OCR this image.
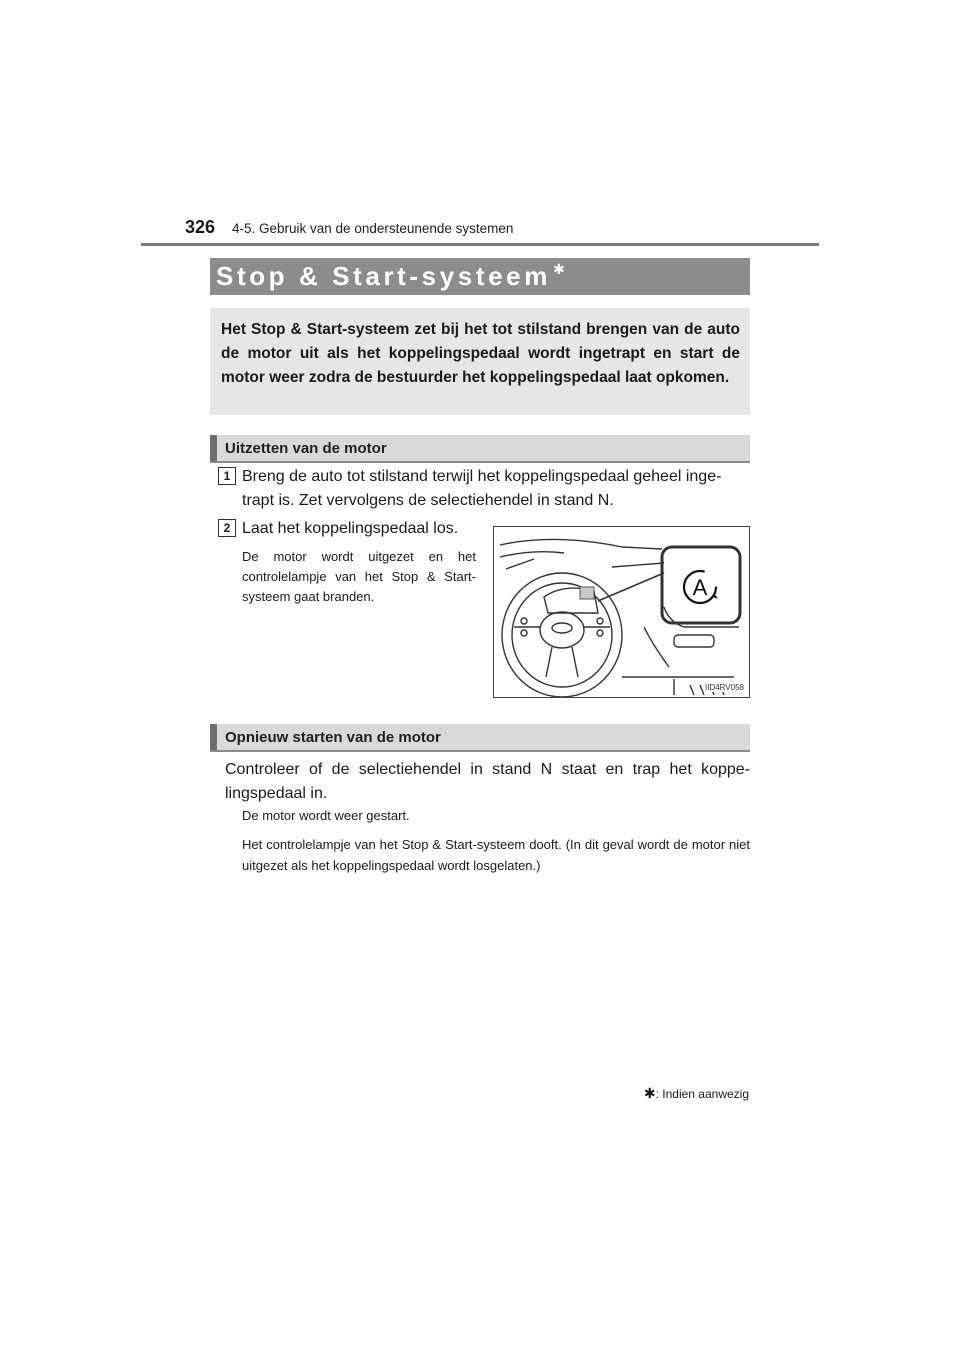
326 4-5. Gebruik van de ondersteunende systemen
Stop & Start-systeem ✱
Het Stop & Start-systeem zet bij het tot stilstand brengen van de auto de motor uit als het koppelingspedaal wordt ingetrapt en start de motor weer zodra de bestuurder het koppelingspedaal laat opkomen.
Uitzetten van de motor
1 Breng de auto tot stilstand terwijl het koppelingspedaal geheel inge-trapt is. Zet vervolgens de selectiehendel in stand N.
2 Laat het koppelingspedaal los.
De motor wordt uitgezet en het controlelampje van het Stop & Start-systeem gaat branden.	A
IID4RV058
Opnieuw starten van de motor
Controleer of de selectiehendel in stand N staat en trap het koppe-lingspedaal in.
De motor wordt weer gestart.
Het controlelampje van het Stop & Start-systeem dooft. (In dit geval wordt de motor niet uitgezet als het koppelingspedaal wordt losgelaten.)
✱: Indien aanwezig
